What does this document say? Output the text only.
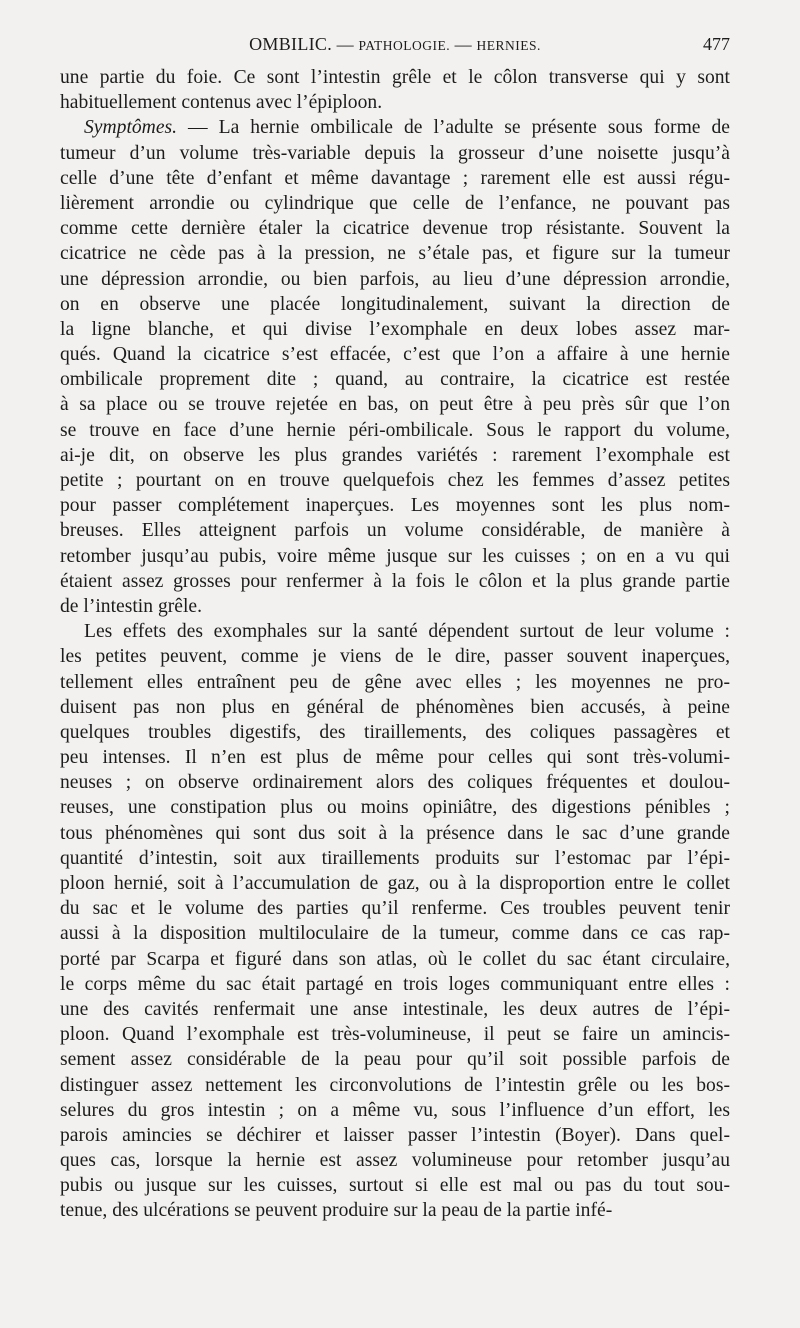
OMBILIC. — PATHOLOGIE. — HERNIES.	477
une partie du foie. Ce sont l’intestin grêle et le côlon transverse qui y sont
habituellement contenus avec l’épiploon.
Symptômes. — La hernie ombilicale de l’adulte se présente sous forme de
tumeur d’un volume très-variable depuis la grosseur d’une noisette jusqu’à
celle d’une tête d’enfant et même davantage ; rarement elle est aussi régu-
lièrement arrondie ou cylindrique que celle de l’enfance, ne pouvant pas
comme cette dernière étaler la cicatrice devenue trop résistante. Souvent la
cicatrice ne cède pas à la pression, ne s’étale pas, et figure sur la tumeur
une dépression arrondie, ou bien parfois, au lieu d’une dépression arrondie,
on en observe une placée longitudinalement, suivant la direction de
la ligne blanche, et qui divise l’exomphale en deux lobes assez mar-
qués. Quand la cicatrice s’est effacée, c’est que l’on a affaire à une hernie
ombilicale proprement dite ; quand, au contraire, la cicatrice est restée
à sa place ou se trouve rejetée en bas, on peut être à peu près sûr que l’on
se trouve en face d’une hernie péri-ombilicale. Sous le rapport du volume,
ai-je dit, on observe les plus grandes variétés : rarement l’exomphale est
petite ; pourtant on en trouve quelquefois chez les femmes d’assez petites
pour passer complétement inaperçues. Les moyennes sont les plus nom-
breuses. Elles atteignent parfois un volume considérable, de manière à
retomber jusqu’au pubis, voire même jusque sur les cuisses ; on en a vu qui
étaient assez grosses pour renfermer à la fois le côlon et la plus grande partie
de l’intestin grêle.
Les effets des exomphales sur la santé dépendent surtout de leur volume :
les petites peuvent, comme je viens de le dire, passer souvent inaperçues,
tellement elles entraînent peu de gêne avec elles ; les moyennes ne pro-
duisent pas non plus en général de phénomènes bien accusés, à peine
quelques troubles digestifs, des tiraillements, des coliques passagères et
peu intenses. Il n’en est plus de même pour celles qui sont très-volumi-
neuses ; on observe ordinairement alors des coliques fréquentes et doulou-
reuses, une constipation plus ou moins opiniâtre, des digestions pénibles ;
tous phénomènes qui sont dus soit à la présence dans le sac d’une grande
quantité d’intestin, soit aux tiraillements produits sur l’estomac par l’épi-
ploon hernié, soit à l’accumulation de gaz, ou à la disproportion entre le collet
du sac et le volume des parties qu’il renferme. Ces troubles peuvent tenir
aussi à la disposition multiloculaire de la tumeur, comme dans ce cas rap-
porté par Scarpa et figuré dans son atlas, où le collet du sac étant circulaire,
le corps même du sac était partagé en trois loges communiquant entre elles :
une des cavités renfermait une anse intestinale, les deux autres de l’épi-
ploon. Quand l’exomphale est très-volumineuse, il peut se faire un amincis-
sement assez considérable de la peau pour qu’il soit possible parfois de
distinguer assez nettement les circonvolutions de l’intestin grêle ou les bos-
selures du gros intestin ; on a même vu, sous l’influence d’un effort, les
parois amincies se déchirer et laisser passer l’intestin (Boyer). Dans quel-
ques cas, lorsque la hernie est assez volumineuse pour retomber jusqu’au
pubis ou jusque sur les cuisses, surtout si elle est mal ou pas du tout sou-
tenue, des ulcérations se peuvent produire sur la peau de la partie infé-
